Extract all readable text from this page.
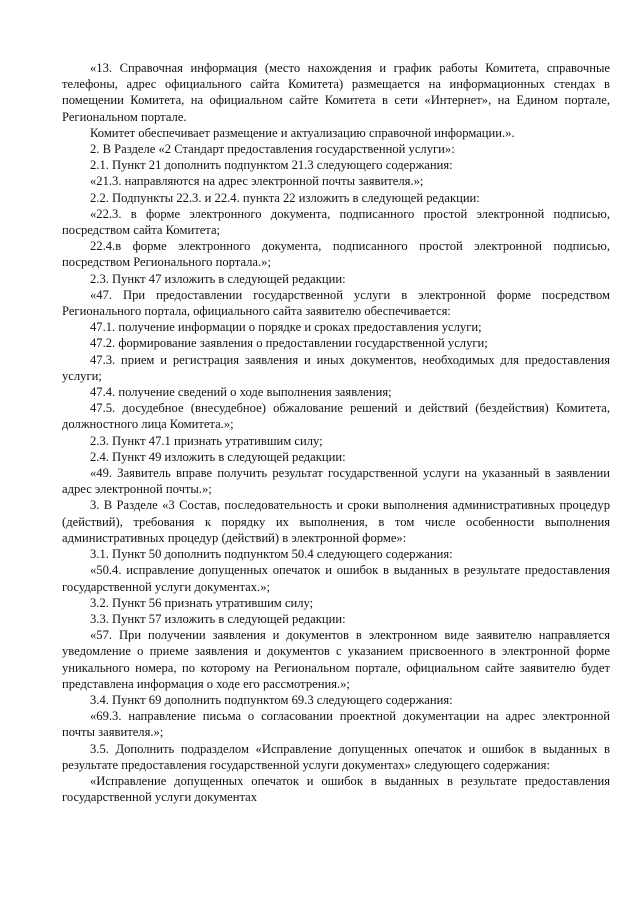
«13. Справочная информация (место нахождения и график работы Комитета, справочные телефоны, адрес официального сайта Комитета) размещается на информационных стендах в помещении Комитета, на официальном сайте Комитета в сети «Интернет», на Едином портале, Региональном портале.

Комитет обеспечивает размещение и актуализацию справочной информации.».

2. В Разделе «2 Стандарт предоставления государственной услуги»:

2.1. Пункт 21 дополнить подпунктом 21.3 следующего содержания:

«21.3. направляются на адрес электронной почты заявителя.»;

2.2. Подпункты 22.3. и 22.4. пункта 22 изложить в следующей редакции:

«22.3. в форме электронного документа, подписанного простой электронной подписью, посредством сайта Комитета;

22.4.в форме электронного документа, подписанного простой электронной подписью, посредством Регионального портала.»;

2.3. Пункт 47 изложить в следующей редакции:

«47. При предоставлении государственной услуги в электронной форме посредством Регионального портала, официального сайта заявителю обеспечивается:

47.1. получение информации о порядке и сроках предоставления услуги;

47.2. формирование заявления о предоставлении государственной услуги;

47.3. прием и регистрация заявления и иных документов, необходимых для предоставления услуги;

47.4. получение сведений о ходе выполнения заявления;

47.5. досудебное (внесудебное) обжалование решений и действий (бездействия) Комитета, должностного лица Комитета.»;

2.3. Пункт 47.1 признать утратившим силу;

2.4. Пункт 49 изложить в следующей редакции:

«49. Заявитель вправе получить результат государственной услуги на указанный в заявлении адрес электронной почты.»;

3. В Разделе «3 Состав, последовательность и сроки выполнения административных процедур (действий), требования к порядку их выполнения, в том числе особенности выполнения административных процедур (действий) в электронной форме»:

3.1. Пункт 50 дополнить подпунктом 50.4 следующего содержания:

«50.4. исправление допущенных опечаток и ошибок в выданных в результате предоставления государственной услуги документах.»;

3.2. Пункт 56 признать утратившим силу;

3.3. Пункт 57 изложить в следующей редакции:

«57. При получении заявления и документов в электронном виде заявителю направляется уведомление о приеме заявления и документов с указанием присвоенного в электронной форме уникального номера, по которому на Региональном портале, официальном сайте заявителю будет представлена информация о ходе его рассмотрения.»;

3.4. Пункт 69 дополнить подпунктом 69.3 следующего содержания:

«69.3. направление письма о согласовании проектной документации на адрес электронной почты заявителя.»;

3.5. Дополнить подразделом «Исправление допущенных опечаток и ошибок в выданных в результате предоставления государственной услуги документах» следующего содержания:

«Исправление допущенных опечаток и ошибок в выданных в результате предоставления государственной услуги документах
